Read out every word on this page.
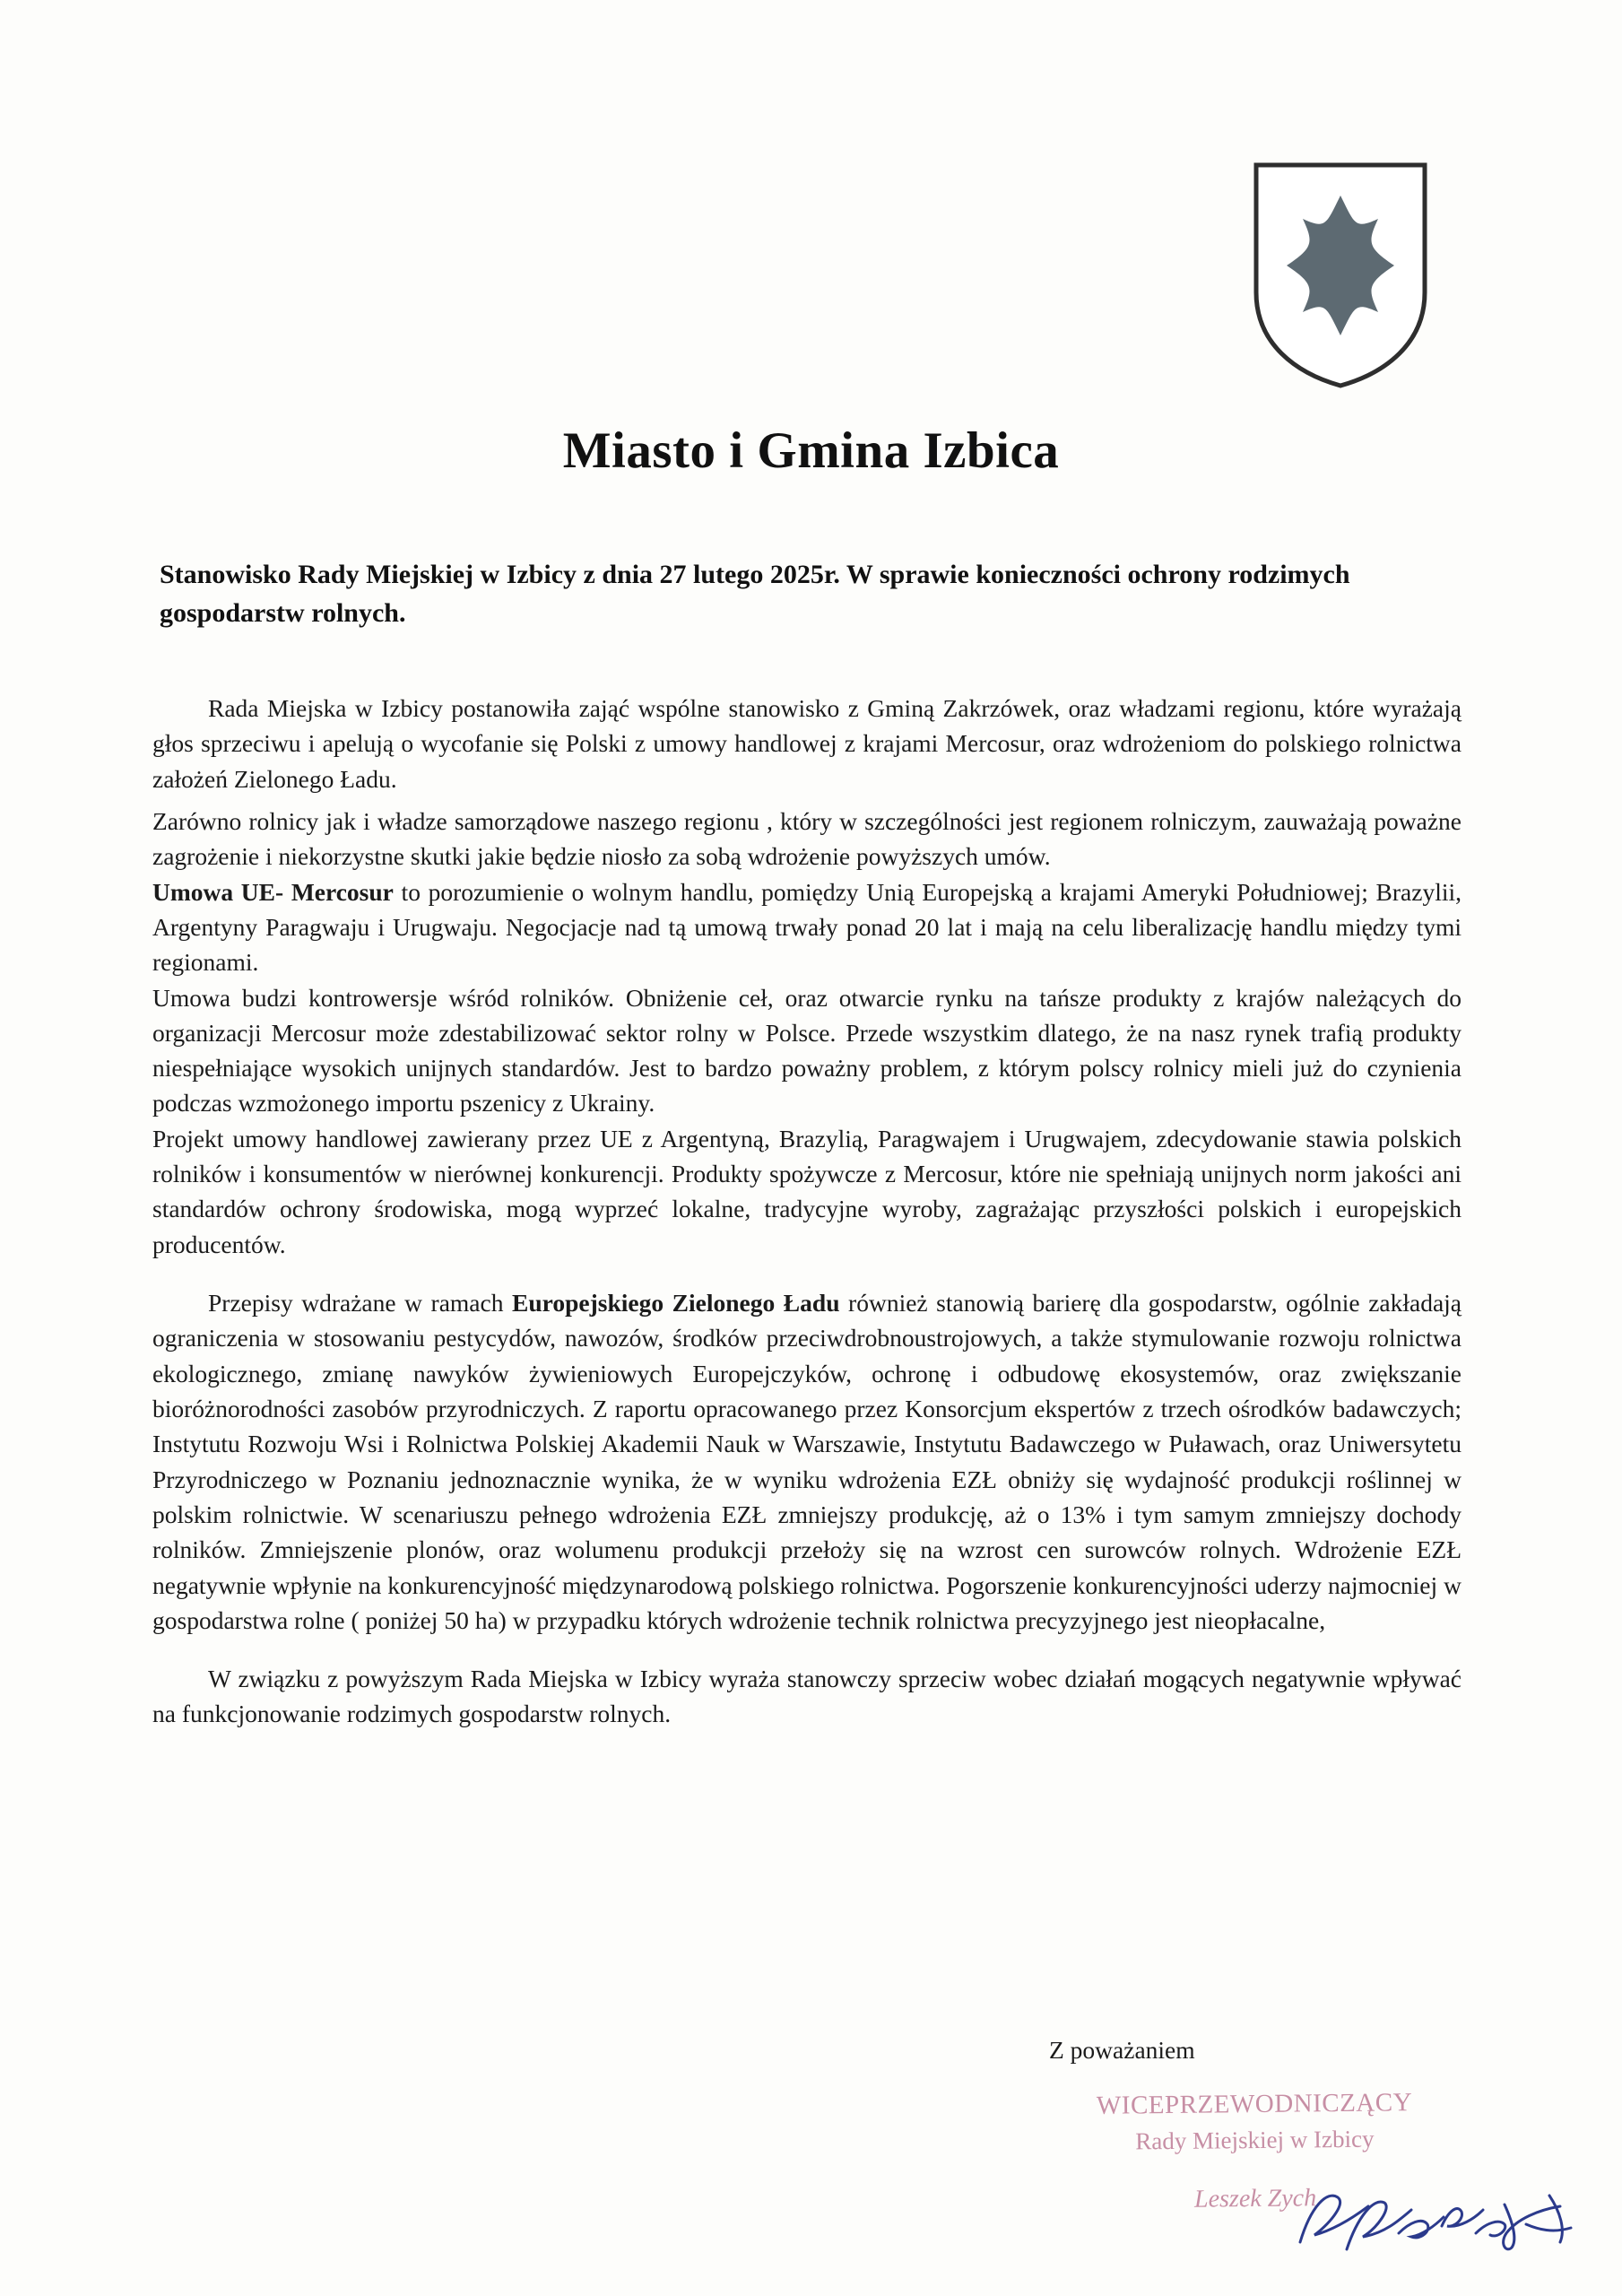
Miasto i Gmina Izbica
Stanowisko Rady Miejskiej w Izbicy z dnia 27 lutego 2025r. W sprawie konieczności ochrony rodzimych gospodarstw rolnych.

Rada Miejska w Izbicy postanowiła zająć wspólne stanowisko z Gminą Zakrzówek, oraz władzami regionu, które wyrażają głos sprzeciwu i apelują o wycofanie się Polski z umowy handlowej z krajami Mercosur, oraz wdrożeniom do polskiego rolnictwa założeń Zielonego Ładu.

Zarówno rolnicy jak i władze samorządowe naszego regionu , który w szczególności jest regionem rolniczym, zauważają poważne zagrożenie i niekorzystne skutki jakie będzie niosło za sobą wdrożenie powyższych umów.

Umowa UE- Mercosur to porozumienie o wolnym handlu, pomiędzy Unią Europejską a krajami Ameryki Południowej; Brazylii, Argentyny Paragwaju i Urugwaju. Negocjacje nad tą umową trwały ponad 20 lat i mają na celu liberalizację handlu między tymi regionami.

Umowa budzi kontrowersje wśród rolników. Obniżenie ceł, oraz otwarcie rynku na tańsze produkty z krajów należących do organizacji Mercosur może zdestabilizować sektor rolny w Polsce. Przede wszystkim dlatego, że na nasz rynek trafią produkty niespełniające wysokich unijnych standardów. Jest to bardzo poważny problem, z którym polscy rolnicy mieli już do czynienia podczas wzmożonego importu pszenicy z Ukrainy.

Projekt umowy handlowej zawierany przez UE z Argentyną, Brazylią, Paragwajem i Urugwajem, zdecydowanie stawia polskich rolników i konsumentów w nierównej konkurencji. Produkty spożywcze z Mercosur, które nie spełniają unijnych norm jakości ani standardów ochrony środowiska, mogą wyprzeć lokalne, tradycyjne wyroby, zagrażając przyszłości polskich i europejskich producentów.

Przepisy wdrażane w ramach Europejskiego Zielonego Ładu również stanowią barierę dla gospodarstw, ogólnie zakładają ograniczenia w stosowaniu pestycydów, nawozów, środków przeciwdrobnoustrojowych, a także stymulowanie rozwoju rolnictwa ekologicznego, zmianę nawyków żywieniowych Europejczyków, ochronę i odbudowę ekosystemów, oraz zwiększanie bioróżnorodności zasobów przyrodniczych. Z raportu opracowanego przez Konsorcjum ekspertów z trzech ośrodków badawczych; Instytutu Rozwoju Wsi i Rolnictwa Polskiej Akademii Nauk w Warszawie, Instytutu Badawczego w Puławach, oraz Uniwersytetu Przyrodniczego w Poznaniu jednoznacznie wynika, że w wyniku wdrożenia EZŁ obniży się wydajność produkcji roślinnej w polskim rolnictwie. W scenariuszu pełnego wdrożenia EZŁ zmniejszy produkcję, aż o 13% i tym samym zmniejszy dochody rolników. Zmniejszenie plonów, oraz wolumenu produkcji przełoży się na wzrost cen surowców rolnych. Wdrożenie EZŁ negatywnie wpłynie na konkurencyjność międzynarodową polskiego rolnictwa. Pogorszenie konkurencyjności uderzy najmocniej w gospodarstwa rolne ( poniżej 50 ha) w przypadku których wdrożenie technik rolnictwa precyzyjnego jest nieopłacalne,

W związku z powyższym Rada Miejska w Izbicy wyraża stanowczy sprzeciw wobec działań mogących negatywnie wpływać na funkcjonowanie rodzimych gospodarstw rolnych.

Z poważaniem
WICEPRZEWODNICZĄCY
Rady Miejskiej w Izbicy
Leszek Zych
